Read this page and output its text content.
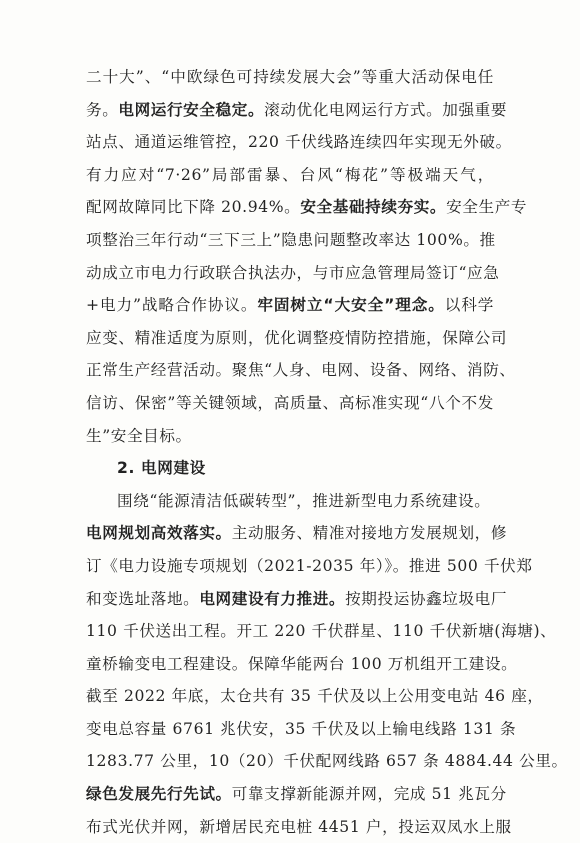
二十大”、“中欧绿色可持续发展大会”等重大活动保电任
务。电网运行安全稳定。滚动优化电网运行方式。加强重要
站点、通道运维管控，220 千伏线路连续四年实现无外破。
有力应对“7·26”局部雷暴、台风“梅花”等极端天气，
配网故障同比下降 20.94%。安全基础持续夯实。安全生产专
项整治三年行动“三下三上”隐患问题整改率达 100%。推
动成立市电力行政联合执法办，与市应急管理局签订“应急
+电力”战略合作协议。牢固树立“大安全”理念。以科学
应变、精准适度为原则，优化调整疫情防控措施，保障公司
正常生产经营活动。聚焦“人身、电网、设备、网络、消防、
信访、保密”等关键领域，高质量、高标准实现“八个不发
生”安全目标。
2. 电网建设
围绕“能源清洁低碳转型”，推进新型电力系统建设。
电网规划高效落实。主动服务、精准对接地方发展规划，修
订《电力设施专项规划（2021-2035 年）》。推进 500 千伏郑
和变选址落地。电网建设有力推进。按期投运协鑫垃圾电厂
110 千伏送出工程。开工 220 千伏群星、110 千伏新塘(海塘)、
童桥输变电工程建设。保障华能两台 100 万机组开工建设。
截至 2022 年底，太仓共有 35 千伏及以上公用变电站 46 座，
变电总容量 6761 兆伏安，35 千伏及以上输电线路 131 条
1283.77 公里，10（20）千伏配网线路 657 条 4884.44 公里。
绿色发展先行先试。可靠支撑新能源并网，完成 51 兆瓦分
布式光伏并网，新增居民充电桩 4451 户，投运双凤水上服
